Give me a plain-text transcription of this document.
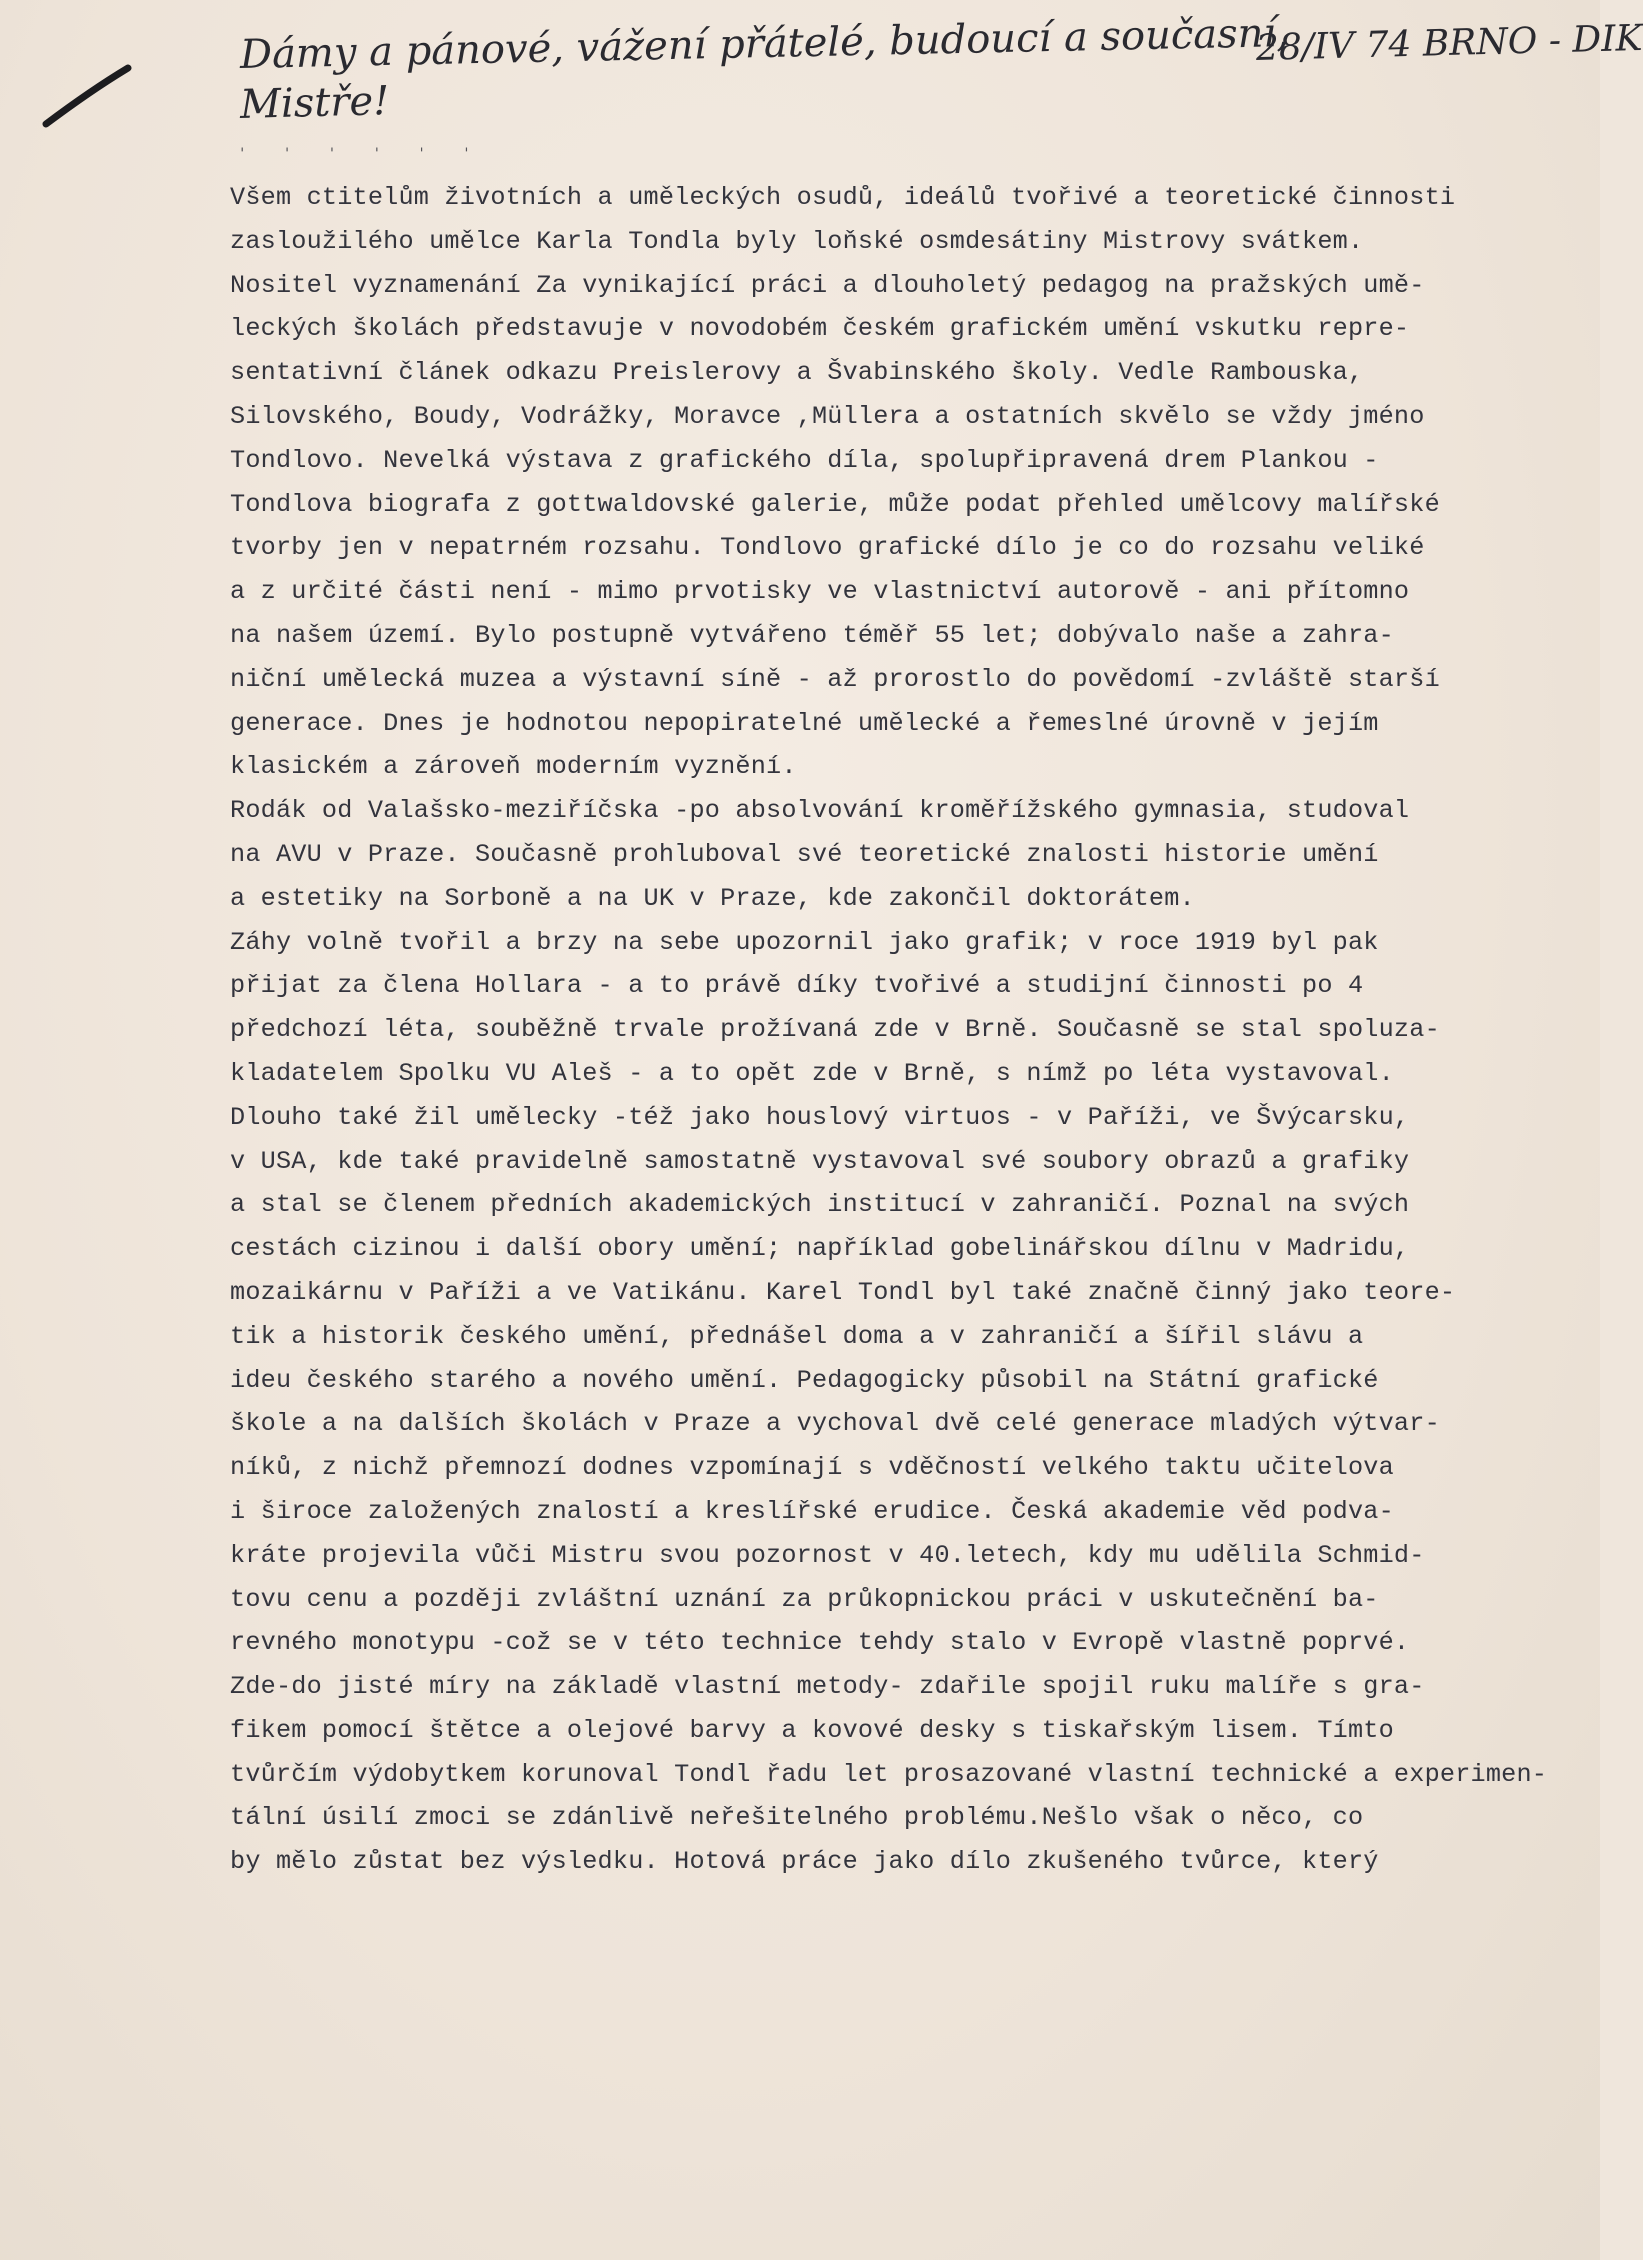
Dámy a pánové, vážení přátelé, budoucí a současní,
Mistře!
28/IV 74 BRNO - DIK
' ' ' ' ' '
Všem ctitelům životních a uměleckých osudů, ideálů tvořivé a teoretické činnosti
zasloužilého umělce Karla Tondla byly loňské osmdesátiny Mistrovy svátkem.
Nositel vyznamenání Za vynikající práci a dlouholetý pedagog na pražských umě-
leckých školách představuje v novodobém českém grafickém umění vskutku repre-
sentativní článek odkazu Preislerovy a Švabinského školy. Vedle Rambouska,
Silovského, Boudy, Vodrážky, Moravce ,Müllera a ostatních skvělo se vždy jméno
Tondlovo. Nevelká výstava z grafického díla, spolupřipravená drem Plankou -
Tondlova biografa z gottwaldovské galerie, může podat přehled umělcovy malířské
tvorby jen v nepatrném rozsahu. Tondlovo grafické dílo je co do rozsahu veliké
a z určité části není - mimo prvotisky ve vlastnictví autorově - ani přítomno
na našem území. Bylo postupně vytvářeno téměř 55 let; dobývalo naše a zahra-
niční umělecká muzea a výstavní síně - až prorostlo do povědomí -zvláště starší
generace. Dnes je hodnotou nepopiratelné umělecké a řemeslné úrovně v jejím
klasickém a zároveň moderním vyznění.
Rodák od Valašsko-meziříčska -po absolvování kroměřížského gymnasia, studoval
na AVU v Praze. Současně prohluboval své teoretické znalosti historie umění
a estetiky na Sorboně a na UK v Praze, kde zakončil doktorátem.
Záhy volně tvořil a brzy na sebe upozornil jako grafik; v roce 1919 byl pak
přijat za člena Hollara - a to právě díky tvořivé a studijní činnosti po 4
předchozí léta, souběžně trvale prožívaná zde v Brně. Současně se stal spoluza-
kladatelem Spolku VU Aleš - a to opět zde v Brně, s nímž po léta vystavoval.
Dlouho také žil umělecky -též jako houslový virtuos - v Paříži, ve Švýcarsku,
v USA, kde také pravidelně samostatně vystavoval své soubory obrazů a grafiky
a stal se členem předních akademických institucí v zahraničí. Poznal na svých
cestách cizinou i další obory umění; například gobelinářskou dílnu v Madridu,
mozaikárnu v Paříži a ve Vatikánu. Karel Tondl byl také značně činný jako teore-
tik a historik českého umění, přednášel doma a v zahraničí a šířil slávu a
ideu českého starého a nového umění. Pedagogicky působil na Státní grafické
škole a na dalších školách v Praze a vychoval dvě celé generace mladých výtvar-
níků, z nichž přemnozí dodnes vzpomínají s vděčností velkého taktu učitelova
i široce založených znalostí a kreslířské erudice. Česká akademie věd podva-
kráte projevila vůči Mistru svou pozornost v 40.letech, kdy mu udělila Schmid-
tovu cenu a později zvláštní uznání za průkopnickou práci v uskutečnění ba-
revného monotypu -což se v této technice tehdy stalo v Evropě vlastně poprvé.
Zde-do jisté míry na základě vlastní metody- zdařile spojil ruku malíře s gra-
fikem pomocí štětce a olejové barvy a kovové desky s tiskařským lisem. Tímto
tvůrčím výdobytkem korunoval Tondl řadu let prosazované vlastní technické a experimen-
tální úsilí zmoci se zdánlivě neřešitelného problému.Nešlo však o něco, co
by mělo zůstat bez výsledku. Hotová práce jako dílo zkušeného tvůrce, který
